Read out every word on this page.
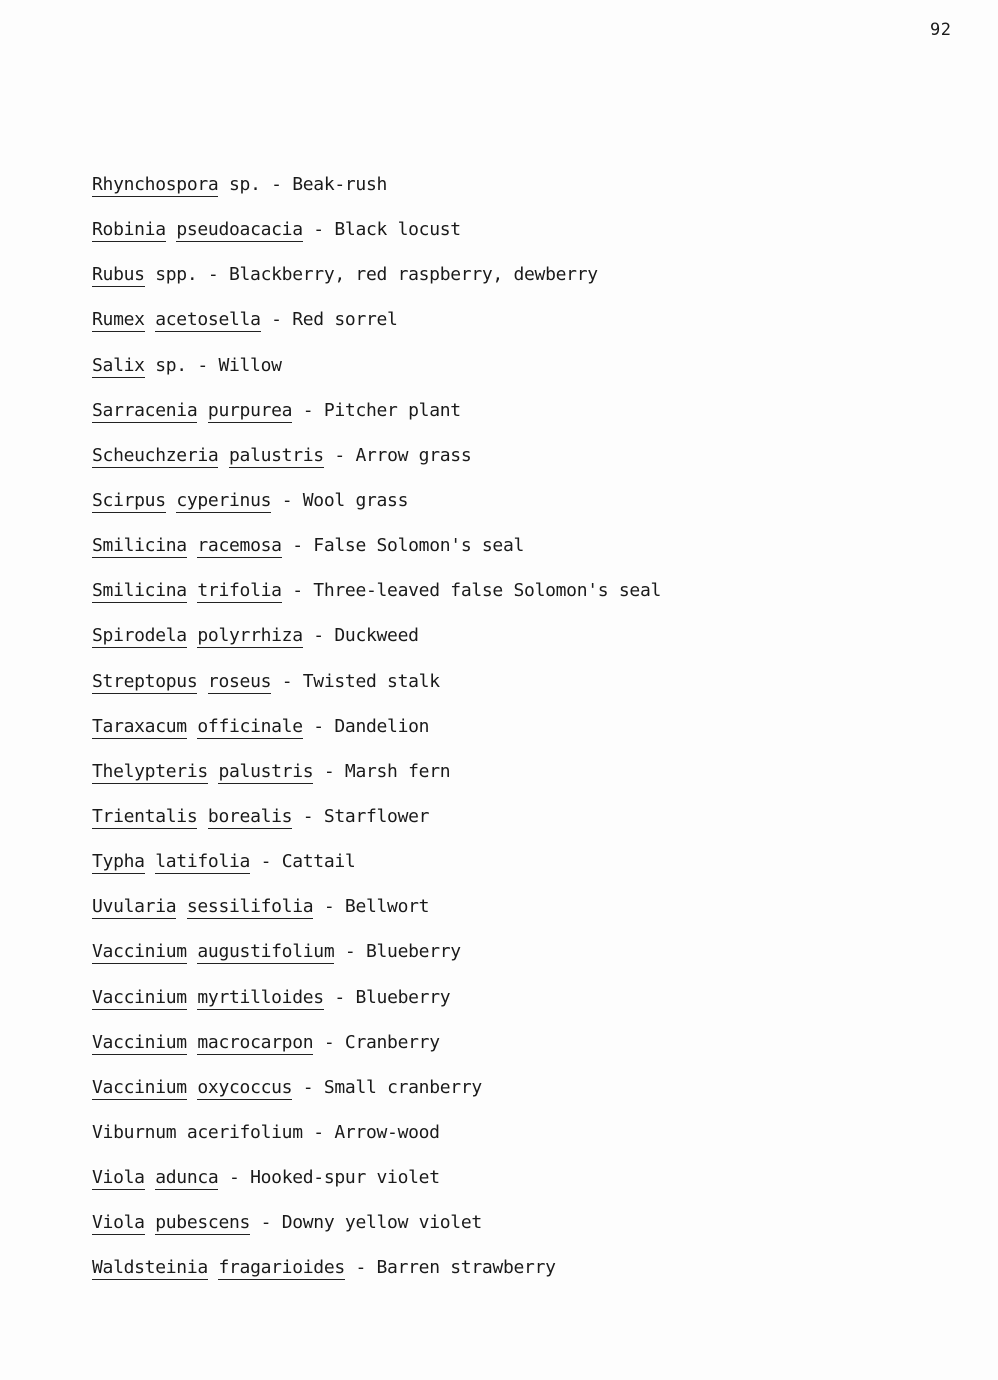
92
Rhynchospora sp. - Beak-rush
Robinia pseudoacacia - Black locust
Rubus spp. - Blackberry, red raspberry, dewberry
Rumex acetosella - Red sorrel
Salix sp. - Willow
Sarracenia purpurea - Pitcher plant
Scheuchzeria palustris - Arrow grass
Scirpus cyperinus - Wool grass
Smilicina racemosa - False Solomon's seal
Smilicina trifolia - Three-leaved false Solomon's seal
Spirodela polyrrhiza - Duckweed
Streptopus roseus - Twisted stalk
Taraxacum officinale - Dandelion
Thelypteris palustris - Marsh fern
Trientalis borealis - Starflower
Typha latifolia - Cattail
Uvularia sessilifolia - Bellwort
Vaccinium augustifolium - Blueberry
Vaccinium myrtilloides - Blueberry
Vaccinium macrocarpon - Cranberry
Vaccinium oxycoccus - Small cranberry
Viburnum acerifolium - Arrow-wood
Viola adunca - Hooked-spur violet
Viola pubescens - Downy yellow violet
Waldsteinia fragarioides - Barren strawberry
